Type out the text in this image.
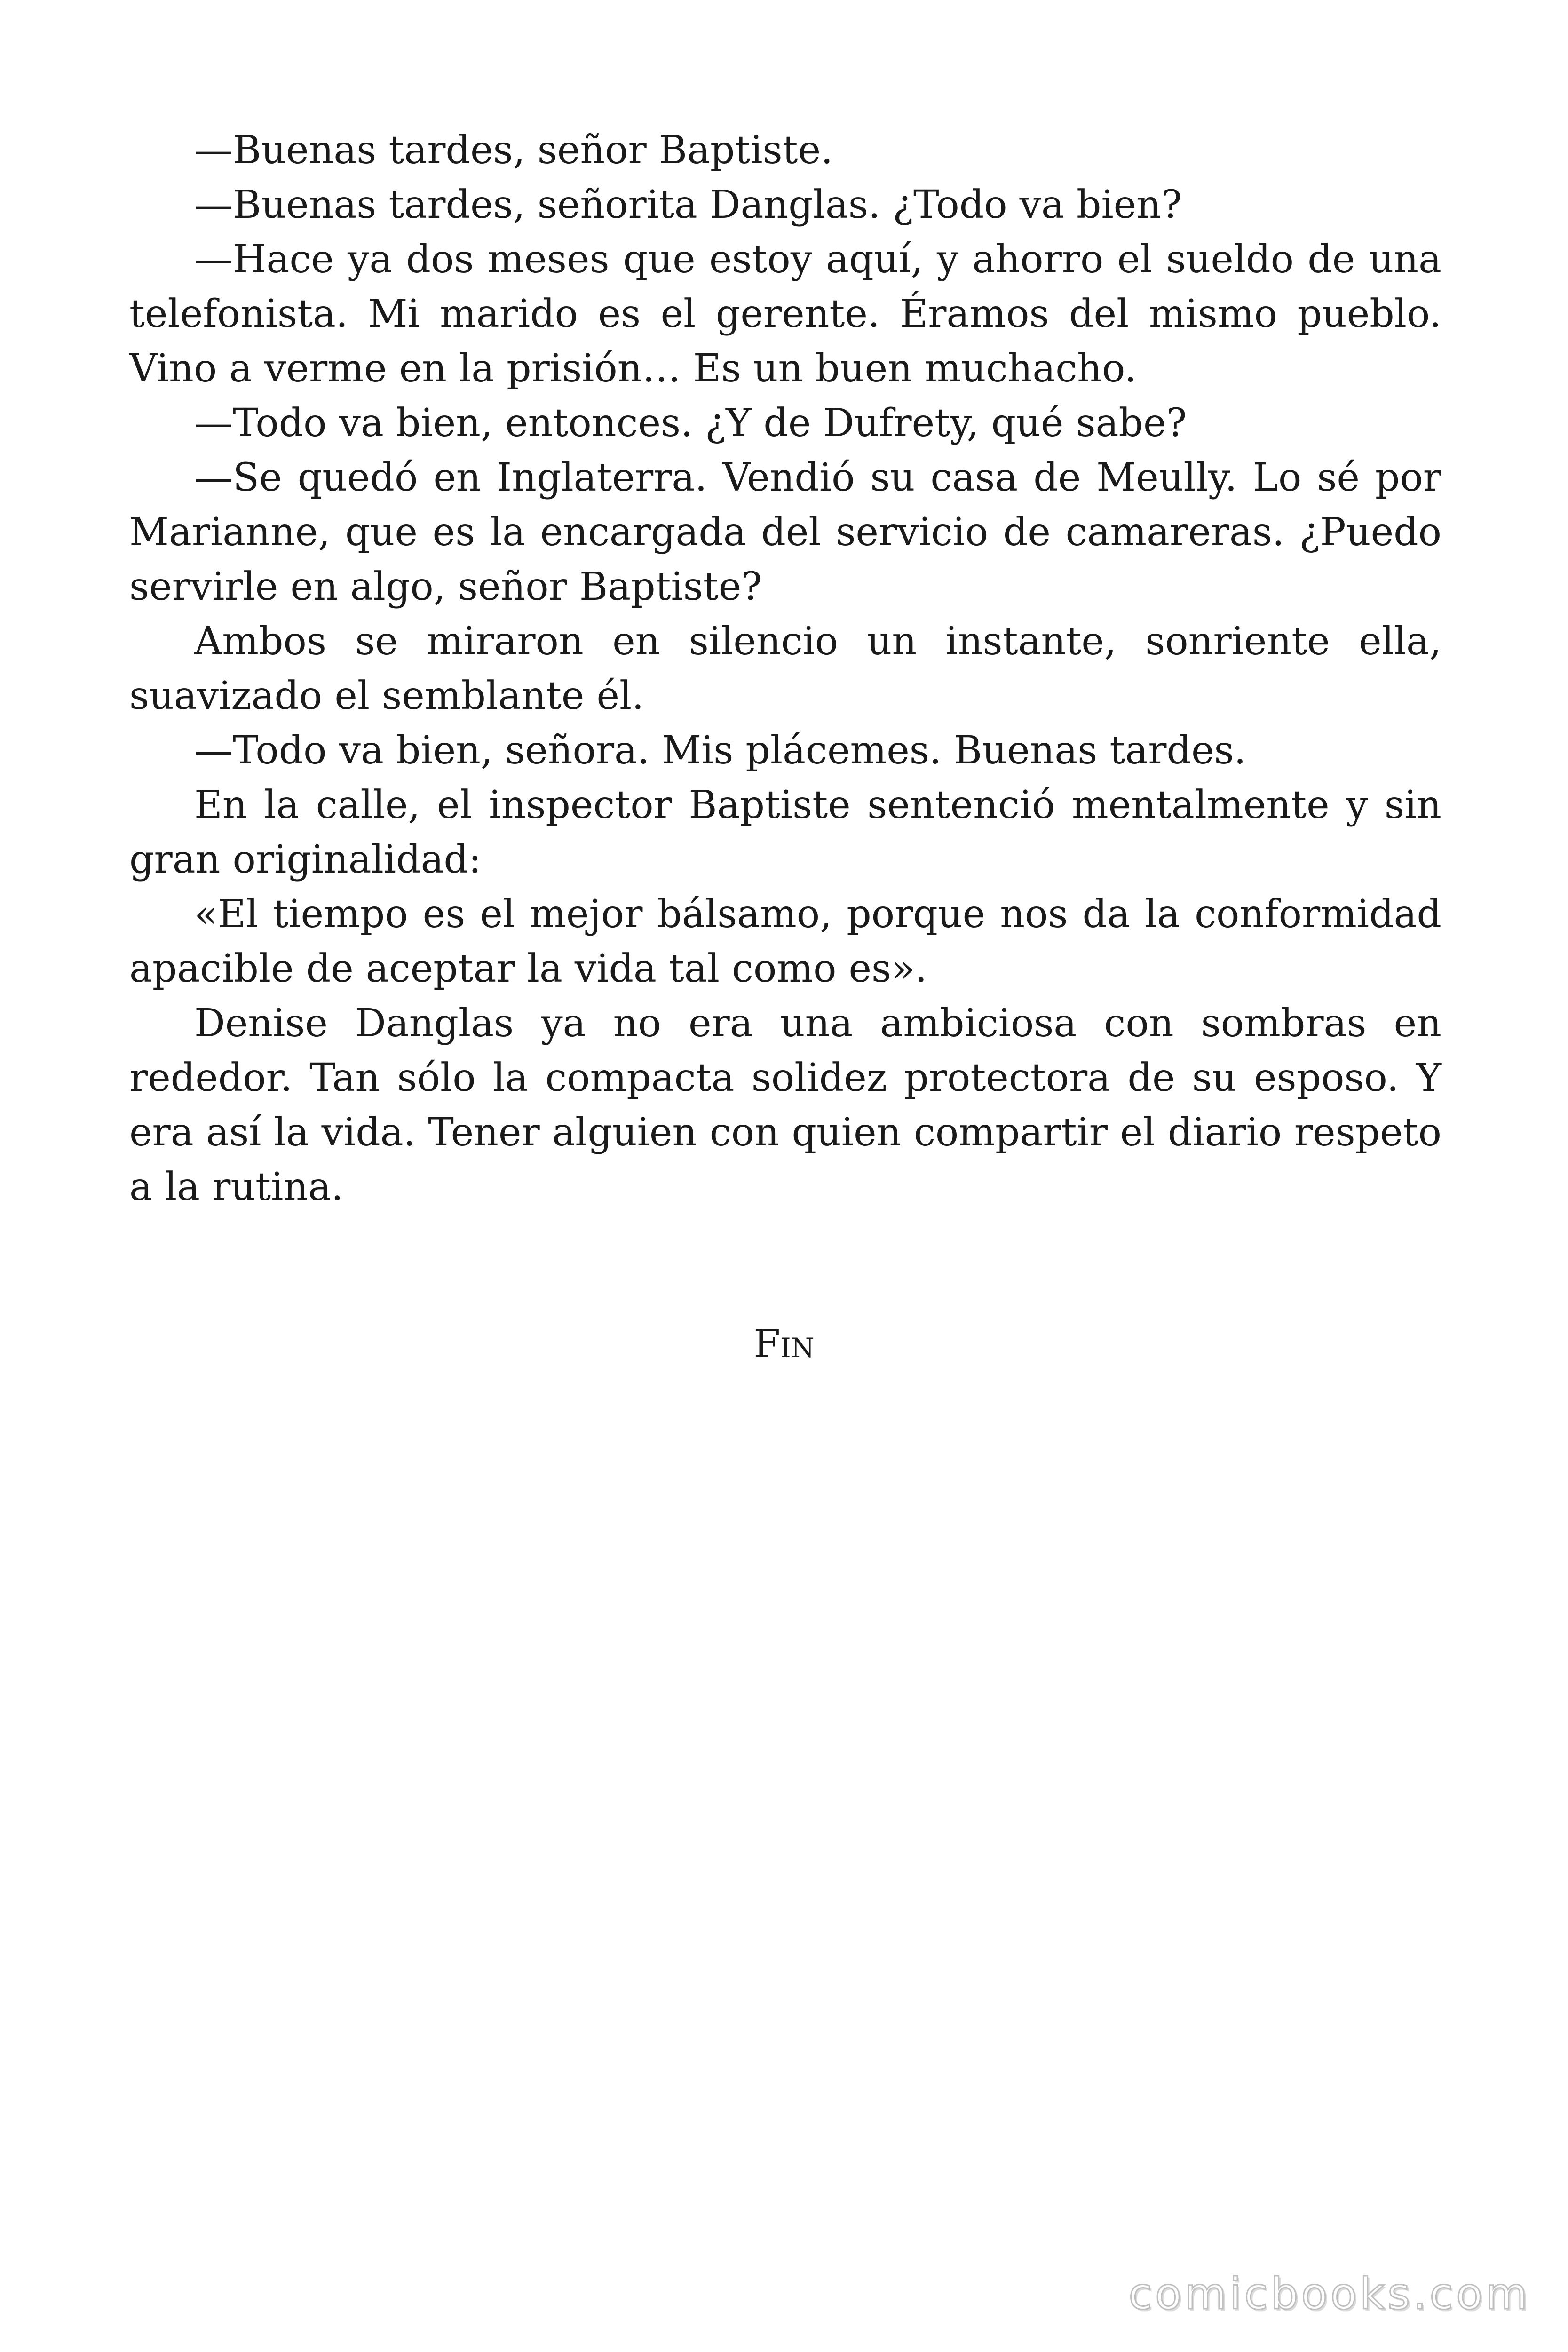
—Buenas tardes, señor Baptiste.

—Buenas tardes, señorita Danglas. ¿Todo va bien?

—Hace ya dos meses que estoy aquí, y ahorro el sueldo de una telefonista. Mi marido es el gerente. Éramos del mismo pueblo. Vino a verme en la prisión… Es un buen muchacho.

—Todo va bien, entonces. ¿Y de Dufrety, qué sabe?

—Se quedó en Inglaterra. Vendió su casa de Meully. Lo sé por Marianne, que es la encargada del servicio de camareras. ¿Puedo servirle en algo, señor Baptiste?

Ambos se miraron en silencio un instante, sonriente ella, suavizado el semblante él.

—Todo va bien, señora. Mis plácemes. Buenas tardes.

En la calle, el inspector Baptiste sentenció mentalmente y sin gran originalidad:

«El tiempo es el mejor bálsamo, porque nos da la conformidad apacible de aceptar la vida tal como es».

Denise Danglas ya no era una ambiciosa con sombras en rededor. Tan sólo la compacta solidez protectora de su esposo. Y era así la vida. Tener alguien con quien compartir el diario respeto a la rutina.

Fin
comicbooks.com
